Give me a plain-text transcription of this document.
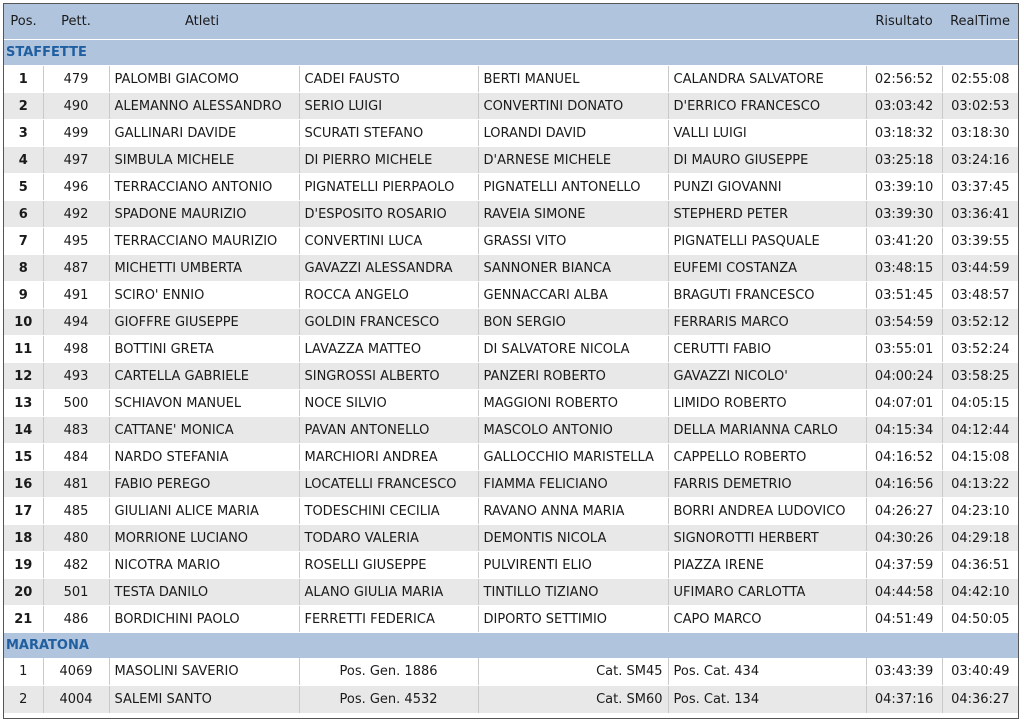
Pos.	Pett.	Atleti				Risultato	RealTime
STAFFETTE							
1	479	PALOMBI GIACOMO	CADEI FAUSTO	BERTI MANUEL	CALANDRA SALVATORE	02:56:52	02:55:08
2	490	ALEMANNO ALESSANDRO	SERIO LUIGI	CONVERTINI DONATO	D'ERRICO FRANCESCO	03:03:42	03:02:53
3	499	GALLINARI DAVIDE	SCURATI STEFANO	LORANDI DAVID	VALLI LUIGI	03:18:32	03:18:30
4	497	SIMBULA MICHELE	DI PIERRO MICHELE	D'ARNESE MICHELE	DI MAURO GIUSEPPE	03:25:18	03:24:16
5	496	TERRACCIANO ANTONIO	PIGNATELLI PIERPAOLO	PIGNATELLI ANTONELLO	PUNZI GIOVANNI	03:39:10	03:37:45
6	492	SPADONE MAURIZIO	D'ESPOSITO ROSARIO	RAVEIA SIMONE	STEPHERD PETER	03:39:30	03:36:41
7	495	TERRACCIANO MAURIZIO	CONVERTINI LUCA	GRASSI VITO	PIGNATELLI PASQUALE	03:41:20	03:39:55
8	487	MICHETTI UMBERTA	GAVAZZI ALESSANDRA	SANNONER BIANCA	EUFEMI COSTANZA	03:48:15	03:44:59
9	491	SCIRO' ENNIO	ROCCA ANGELO	GENNACCARI ALBA	BRAGUTI FRANCESCO	03:51:45	03:48:57
10	494	GIOFFRE GIUSEPPE	GOLDIN FRANCESCO	BON SERGIO	FERRARIS MARCO	03:54:59	03:52:12
11	498	BOTTINI GRETA	LAVAZZA MATTEO	DI SALVATORE NICOLA	CERUTTI FABIO	03:55:01	03:52:24
12	493	CARTELLA GABRIELE	SINGROSSI ALBERTO	PANZERI ROBERTO	GAVAZZI NICOLO'	04:00:24	03:58:25
13	500	SCHIAVON MANUEL	NOCE SILVIO	MAGGIONI ROBERTO	LIMIDO ROBERTO	04:07:01	04:05:15
14	483	CATTANE' MONICA	PAVAN ANTONELLO	MASCOLO ANTONIO	DELLA MARIANNA CARLO	04:15:34	04:12:44
15	484	NARDO STEFANIA	MARCHIORI ANDREA	GALLOCCHIO MARISTELLA	CAPPELLO ROBERTO	04:16:52	04:15:08
16	481	FABIO PEREGO	LOCATELLI FRANCESCO	FIAMMA FELICIANO	FARRIS DEMETRIO	04:16:56	04:13:22
17	485	GIULIANI ALICE MARIA	TODESCHINI CECILIA	RAVANO ANNA MARIA	BORRI ANDREA LUDOVICO	04:26:27	04:23:10
18	480	MORRIONE LUCIANO	TODARO VALERIA	DEMONTIS NICOLA	SIGNOROTTI HERBERT	04:30:26	04:29:18
19	482	NICOTRA MARIO	ROSELLI GIUSEPPE	PULVIRENTI ELIO	PIAZZA IRENE	04:37:59	04:36:51
20	501	TESTA DANILO	ALANO GIULIA MARIA	TINTILLO TIZIANO	UFIMARO CARLOTTA	04:44:58	04:42:10
21	486	BORDICHINI PAOLO	FERRETTI FEDERICA	DIPORTO SETTIMIO	CAPO MARCO	04:51:49	04:50:05
MARATONA							
1	4069	MASOLINI SAVERIO	Pos. Gen. 1886	Cat. SM45	Pos. Cat. 434	03:43:39	03:40:49
2	4004	SALEMI SANTO	Pos. Gen. 4532	Cat. SM60	Pos. Cat. 134	04:37:16	04:36:27
